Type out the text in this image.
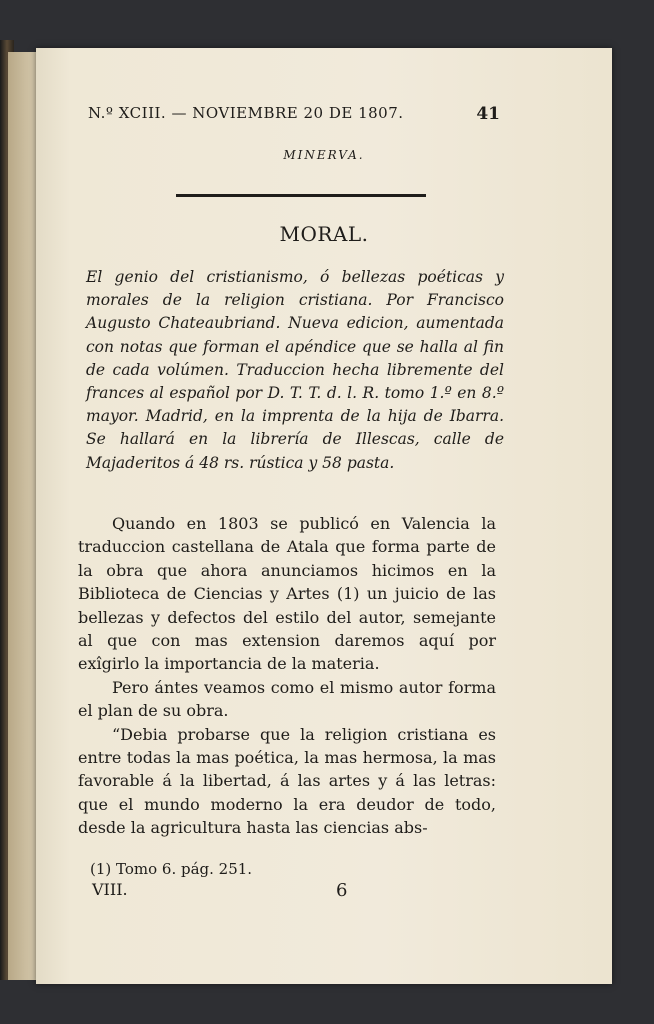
N.º XCIII. — NOVIEMBRE 20 DE 1807.	41
MINERVA.
MORAL.
El genio del cristianismo, ó bellezas poéticas y morales de la religion cristiana. Por Francisco Augusto Chateaubriand. Nueva edicion, aumentada con notas que forman el apéndice que se halla al fin de cada volúmen. Traduccion hecha libremente del frances al español por D. T. T. d. l. R. tomo 1.º en 8.º mayor. Madrid, en la imprenta de la hija de Ibarra. Se hallará en la librería de Illescas, calle de Majaderitos á 48 rs. rústica y 58 pasta.

Quando en 1803 se publicó en Valencia la traduccion castellana de Atala que forma parte de la obra que ahora anunciamos hicimos en la Biblioteca de Ciencias y Artes (1) un juicio de las bellezas y defectos del estilo del autor, semejante al que con mas extension daremos aquí por exîgirlo la importancia de la materia.

Pero ántes veamos como el mismo autor forma el plan de su obra.

“Debia probarse que la religion cristiana es entre todas la mas poética, la mas hermosa, la mas favorable á la libertad, á las artes y á las letras: que el mundo moderno la era deudor de todo, desde la agricultura hasta las ciencias abs-

(1) Tomo 6. pág. 251.
VIII.	6
